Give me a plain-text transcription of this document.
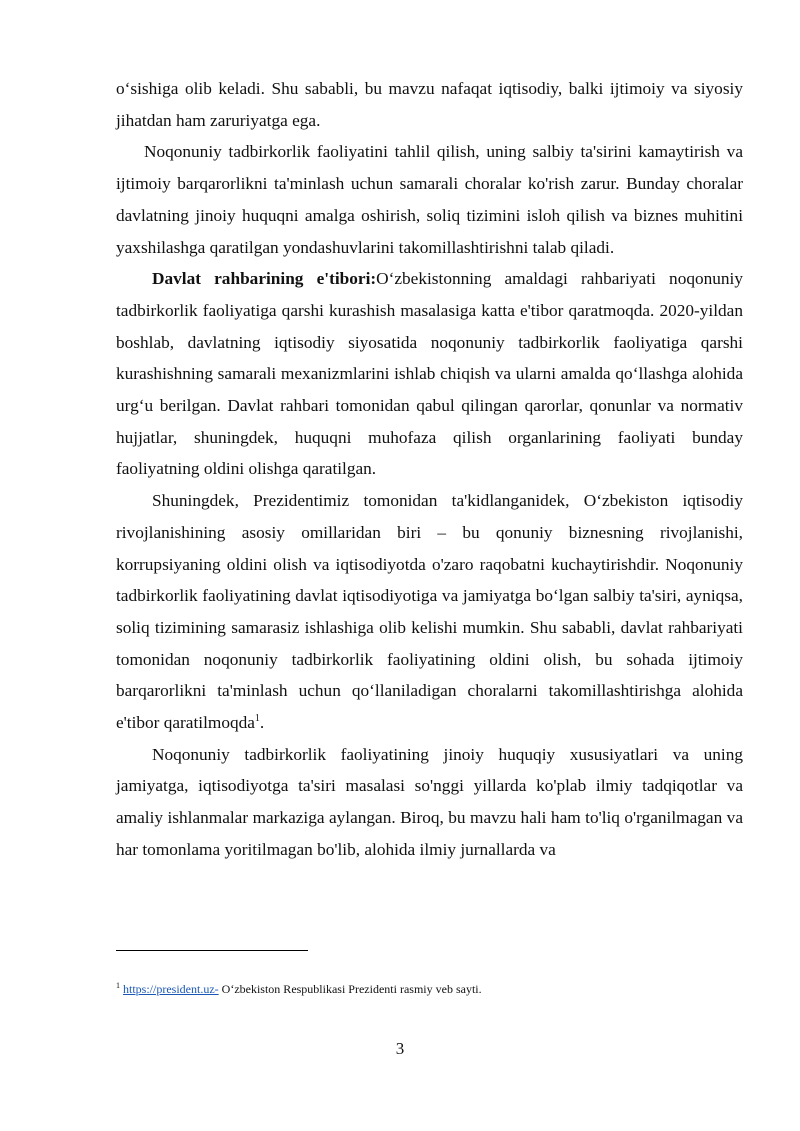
o‘sishiga olib keladi. Shu sababli, bu mavzu nafaqat iqtisodiy, balki ijtimoiy va siyosiy jihatdan ham zaruriyatga ega.

Noqonuniy tadbirkorlik faoliyatini tahlil qilish, uning salbiy ta'sirini kamaytirish va ijtimoiy barqarorlikni ta'minlash uchun samarali choralar ko'rish zarur. Bunday choralar davlatning jinoiy huquqni amalga oshirish, soliq tizimini isloh qilish va biznes muhitini yaxshilashga qaratilgan yondashuvlarini takomillashtirishni talab qiladi.

Davlat rahbarining e'tibori:O‘zbekistonning amaldagi rahbariyati noqonuniy tadbirkorlik faoliyatiga qarshi kurashish masalasiga katta e'tibor qaratmoqda. 2020-yildan boshlab, davlatning iqtisodiy siyosatida noqonuniy tadbirkorlik faoliyatiga qarshi kurashishning samarali mexanizmlarini ishlab chiqish va ularni amalda qo‘llashga alohida urg‘u berilgan. Davlat rahbari tomonidan qabul qilingan qarorlar, qonunlar va normativ hujjatlar, shuningdek, huquqni muhofaza qilish organlarining faoliyati bunday faoliyatning oldini olishga qaratilgan.

Shuningdek, Prezidentimiz tomonidan ta'kidlanganidek, O‘zbekiston iqtisodiy rivojlanishining asosiy omillaridan biri – bu qonuniy biznesning rivojlanishi, korrupsiyaning oldini olish va iqtisodiyotda o'zaro raqobatni kuchaytirishdir. Noqonuniy tadbirkorlik faoliyatining davlat iqtisodiyotiga va jamiyatga bo‘lgan salbiy ta'siri, ayniqsa, soliq tizimining samarasiz ishlashiga olib kelishi mumkin. Shu sababli, davlat rahbariyati tomonidan noqonuniy tadbirkorlik faoliyatining oldini olish, bu sohada ijtimoiy barqarorlikni ta'minlash uchun qo‘llaniladigan choralarni takomillashtirishga alohida e'tibor qaratilmoqda$^1$.

Noqonuniy tadbirkorlik faoliyatining jinoiy huquqiy xususiyatlari va uning jamiyatga, iqtisodiyotga ta'siri masalasi so'nggi yillarda ko'plab ilmiy tadqiqotlar va amaliy ishlanmalar markaziga aylangan. Biroq, bu mavzu hali ham to'liq o'rganilmagan va har tomonlama yoritilmagan bo'lib, alohida ilmiy jurnallarda va

$^1$ https://president.uz- O‘zbekiston Respublikasi Prezidenti rasmiy veb sayti.
3
